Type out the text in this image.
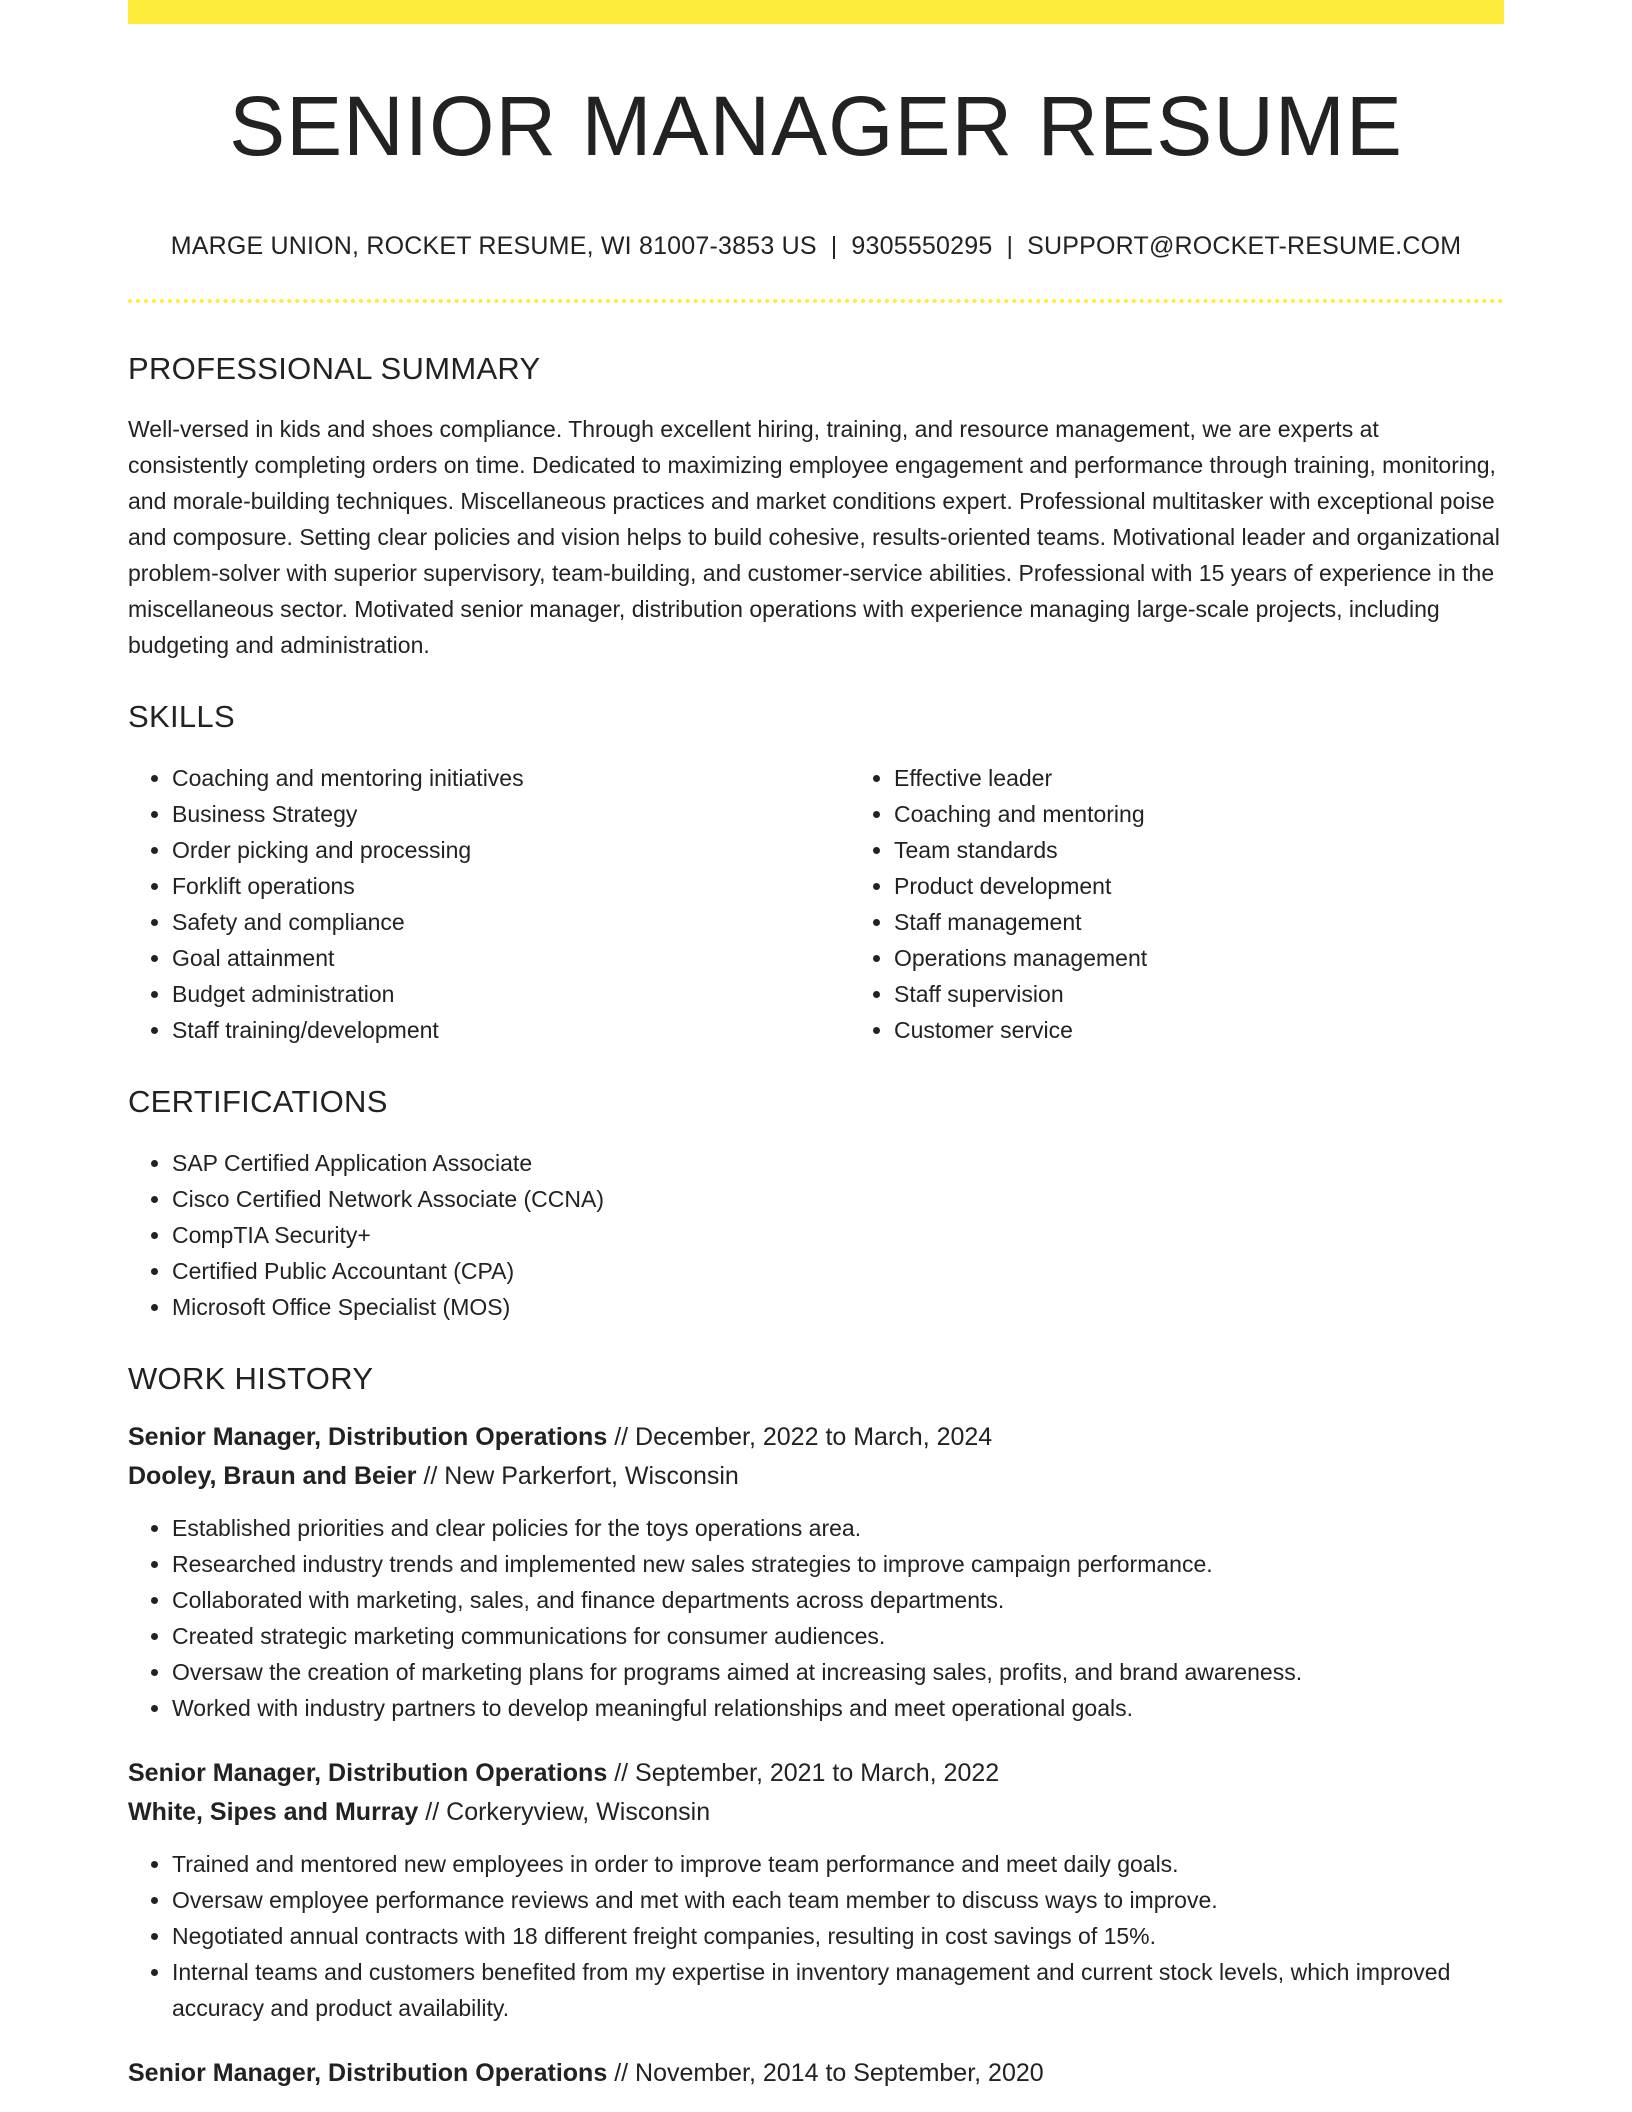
SENIOR MANAGER RESUME
MARGE UNION, ROCKET RESUME, WI 81007-3853 US | 9305550295 | SUPPORT@ROCKET-RESUME.COM
PROFESSIONAL SUMMARY

Well-versed in kids and shoes compliance. Through excellent hiring, training, and resource management, we are experts at consistently completing orders on time. Dedicated to maximizing employee engagement and performance through training, monitoring, and morale-building techniques. Miscellaneous practices and market conditions expert. Professional multitasker with exceptional poise and composure. Setting clear policies and vision helps to build cohesive, results-oriented teams. Motivational leader and organizational problem-solver with superior supervisory, team-building, and customer-service abilities. Professional with 15 years of experience in the miscellaneous sector. Motivated senior manager, distribution operations with experience managing large-scale projects, including budgeting and administration.

SKILLS
• Coaching and mentoring initiatives
• Business Strategy
• Order picking and processing
• Forklift operations
• Safety and compliance
• Goal attainment
• Budget administration
• Staff training/development
• Effective leader
• Coaching and mentoring
• Team standards
• Product development
• Staff management
• Operations management
• Staff supervision
• Customer service
CERTIFICATIONS
• SAP Certified Application Associate
• Cisco Certified Network Associate (CCNA)
• CompTIA Security+
• Certified Public Accountant (CPA)
• Microsoft Office Specialist (MOS)
WORK HISTORY

Senior Manager, Distribution Operations // December, 2022 to March, 2024

Dooley, Braun and Beier // New Parkerfort, Wisconsin

• Established priorities and clear policies for the toys operations area.
• Researched industry trends and implemented new sales strategies to improve campaign performance.
• Collaborated with marketing, sales, and finance departments across departments.
• Created strategic marketing communications for consumer audiences.
• Oversaw the creation of marketing plans for programs aimed at increasing sales, profits, and brand awareness.
• Worked with industry partners to develop meaningful relationships and meet operational goals.

Senior Manager, Distribution Operations // September, 2021 to March, 2022

White, Sipes and Murray // Corkeryview, Wisconsin

• Trained and mentored new employees in order to improve team performance and meet daily goals.
• Oversaw employee performance reviews and met with each team member to discuss ways to improve.
• Negotiated annual contracts with 18 different freight companies, resulting in cost savings of 15%.
• Internal teams and customers benefited from my expertise in inventory management and current stock levels, which improved accuracy and product availability.

Senior Manager, Distribution Operations // November, 2014 to September, 2020
